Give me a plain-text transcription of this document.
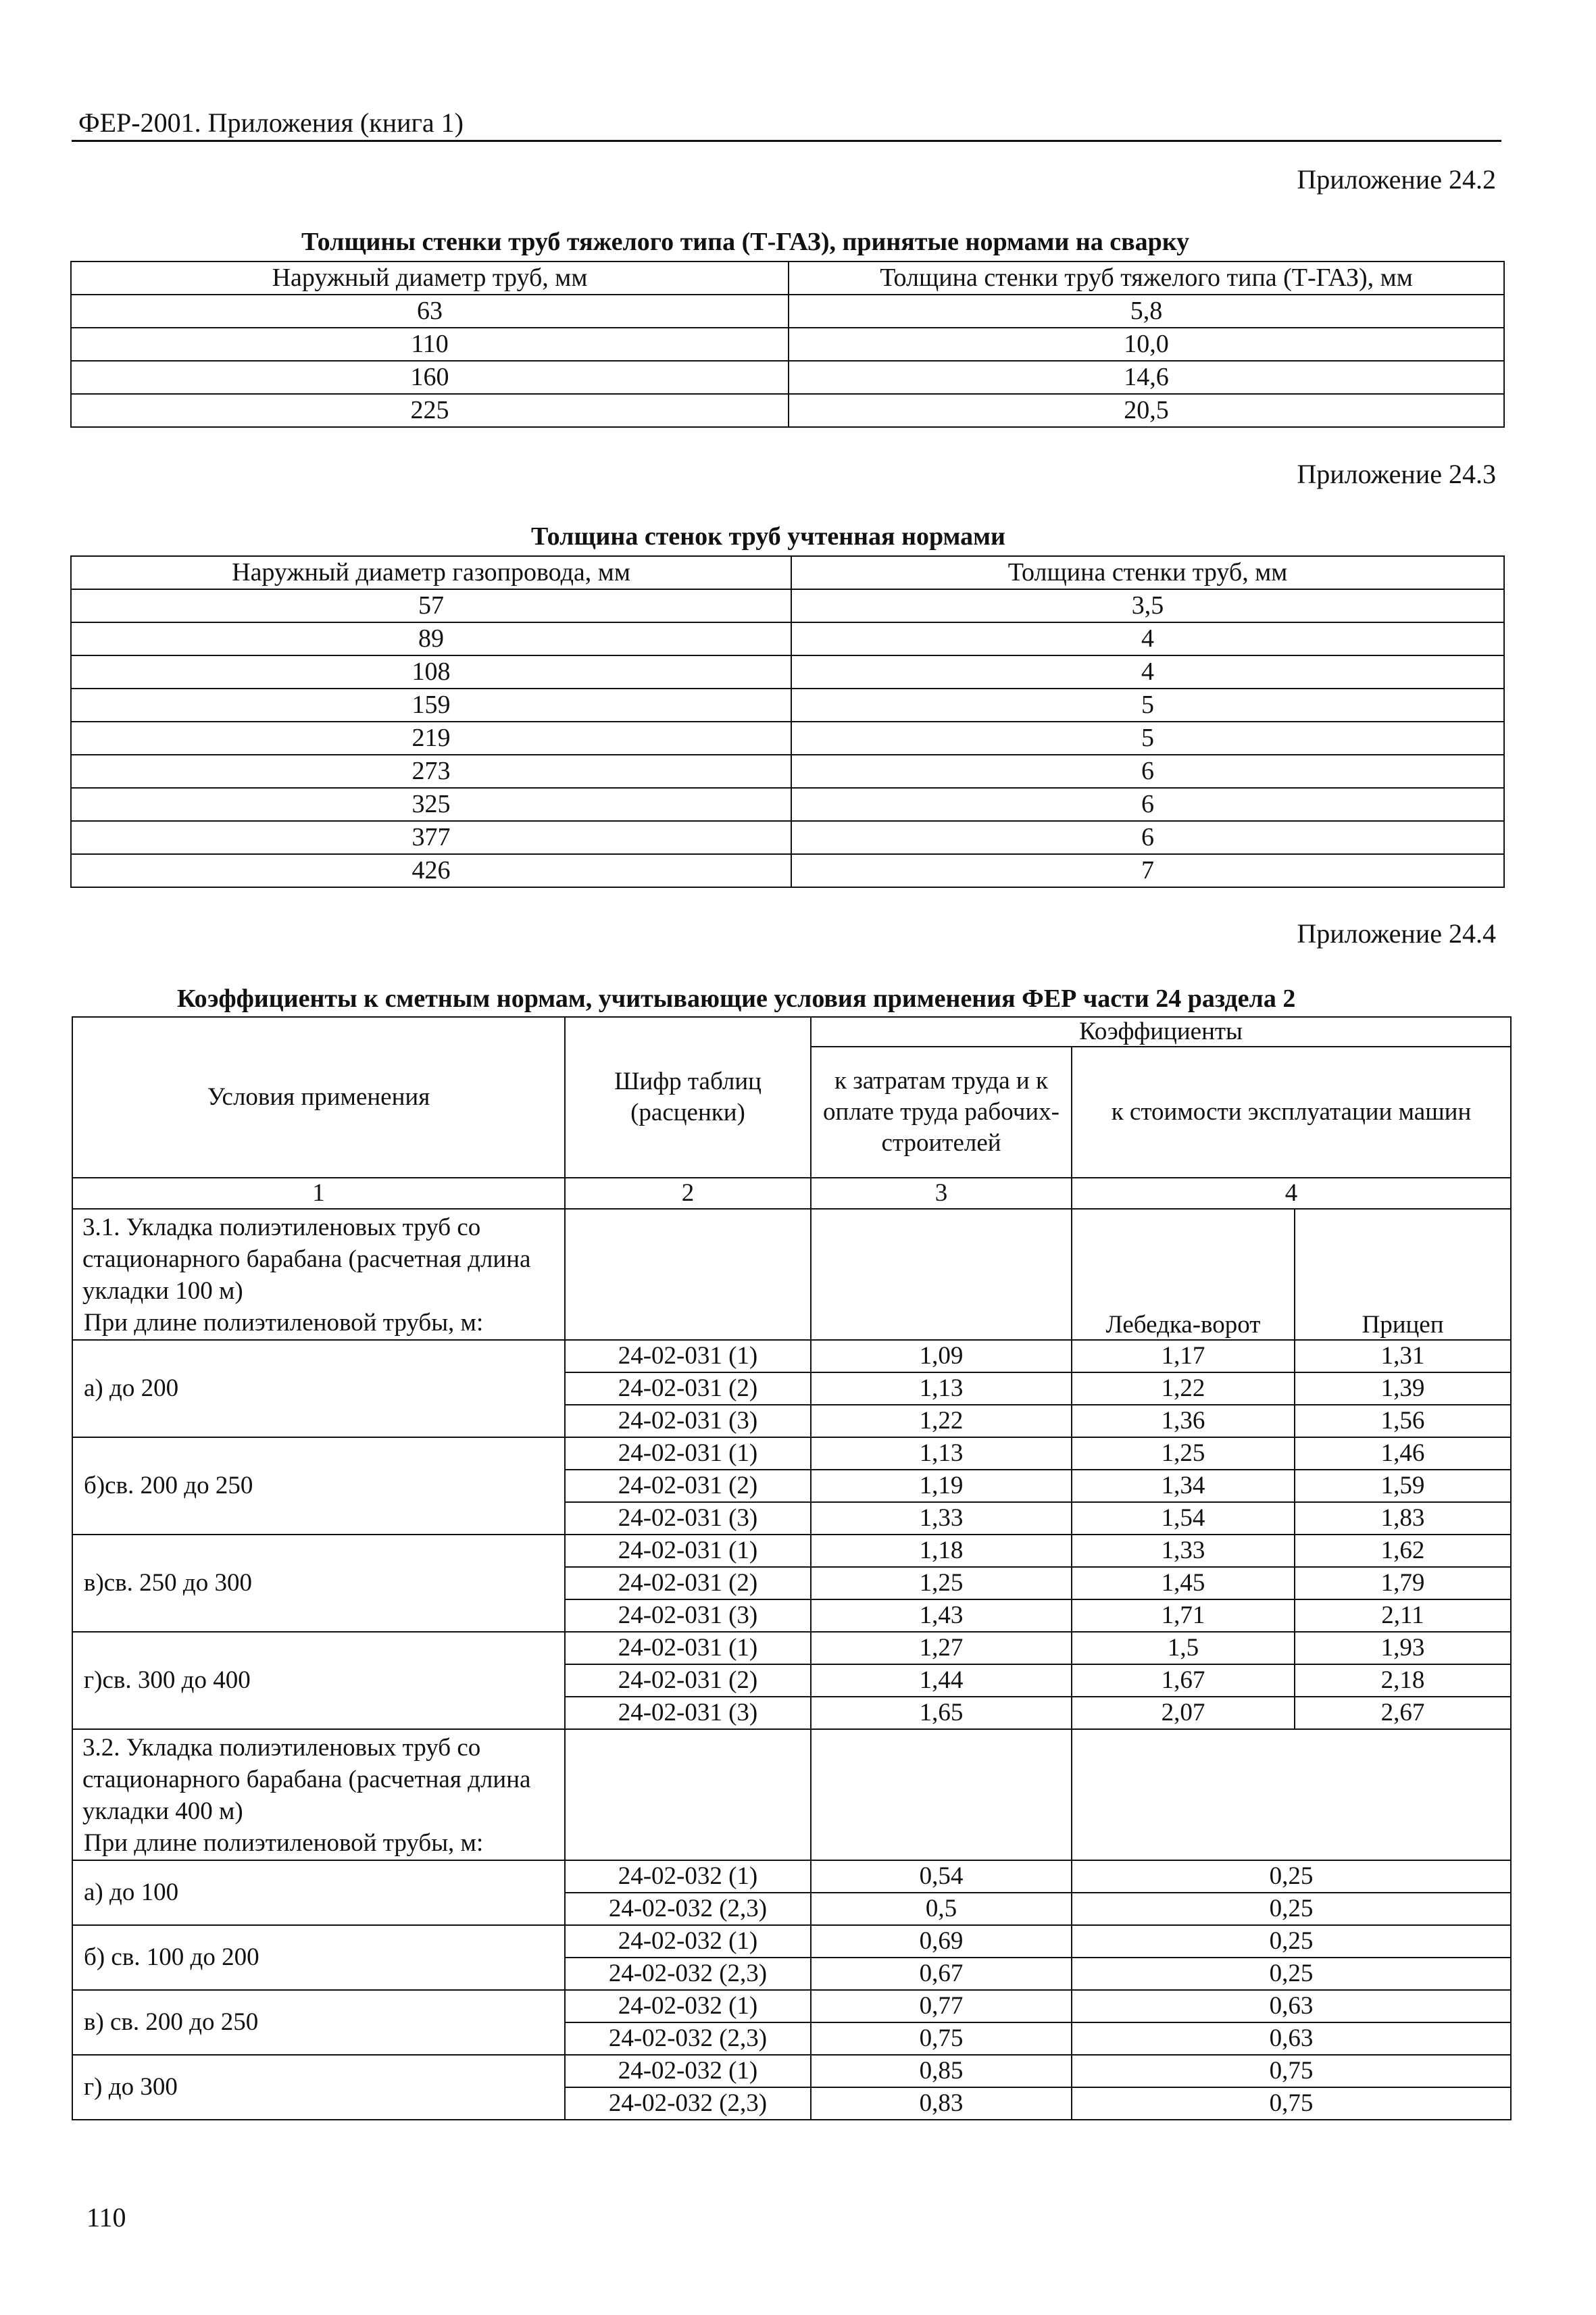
ФЕР-2001. Приложения (книга 1)
Приложение 24.2
Толщины стенки труб тяжелого типа (Т-ГАЗ), принятые нормами на сварку
Наружный диаметр труб, мм	Толщина стенки труб тяжелого типа (Т-ГАЗ), мм
63	5,8
110	10,0
160	14,6
225	20,5
Приложение 24.3
Толщина стенок труб учтенная нормами
Наружный диаметр газопровода, мм	Толщина стенки труб, мм
57	3,5
89	4
108	4
159	5
219	5
273	6
325	6
377	6
426	7
Приложение 24.4
Коэффициенты к сметным нормам, учитывающие условия применения ФЕР части 24 раздела 2
Условия применения	Шифр таблиц (расценки)	Коэффициенты		
		к затратам труда и к оплате труда рабочих-строителей	к стоимости эксплуатации машин	
1	2	3	4	
3.1. Укладка полиэтиленовых труб со стационарного барабана (расчетная длина укладки 100 м)				
При длине полиэтиленовой трубы, м:			Лебедка-ворот	Прицеп
а) до 200	24-02-031 (1)	1,09	1,17	1,31
	24-02-031 (2)	1,13	1,22	1,39
	24-02-031 (3)	1,22	1,36	1,56
б)св. 200 до 250	24-02-031 (1)	1,13	1,25	1,46
	24-02-031 (2)	1,19	1,34	1,59
	24-02-031 (3)	1,33	1,54	1,83
в)св. 250 до 300	24-02-031 (1)	1,18	1,33	1,62
	24-02-031 (2)	1,25	1,45	1,79
	24-02-031 (3)	1,43	1,71	2,11
г)св. 300 до 400	24-02-031 (1)	1,27	1,5	1,93
	24-02-031 (2)	1,44	1,67	2,18
	24-02-031 (3)	1,65	2,07	2,67
3.2. Укладка полиэтиленовых труб со стационарного барабана (расчетная длина укладки 400 м)				
При длине полиэтиленовой трубы, м:				
а) до 100	24-02-032 (1)	0,54	0,25	
	24-02-032 (2,3)	0,5	0,25	
б) св. 100 до 200	24-02-032 (1)	0,69	0,25	
	24-02-032 (2,3)	0,67	0,25	
в) св. 200 до 250	24-02-032 (1)	0,77	0,63	
	24-02-032 (2,3)	0,75	0,63	
г) до 300	24-02-032 (1)	0,85	0,75	
	24-02-032 (2,3)	0,83	0,75	
110
